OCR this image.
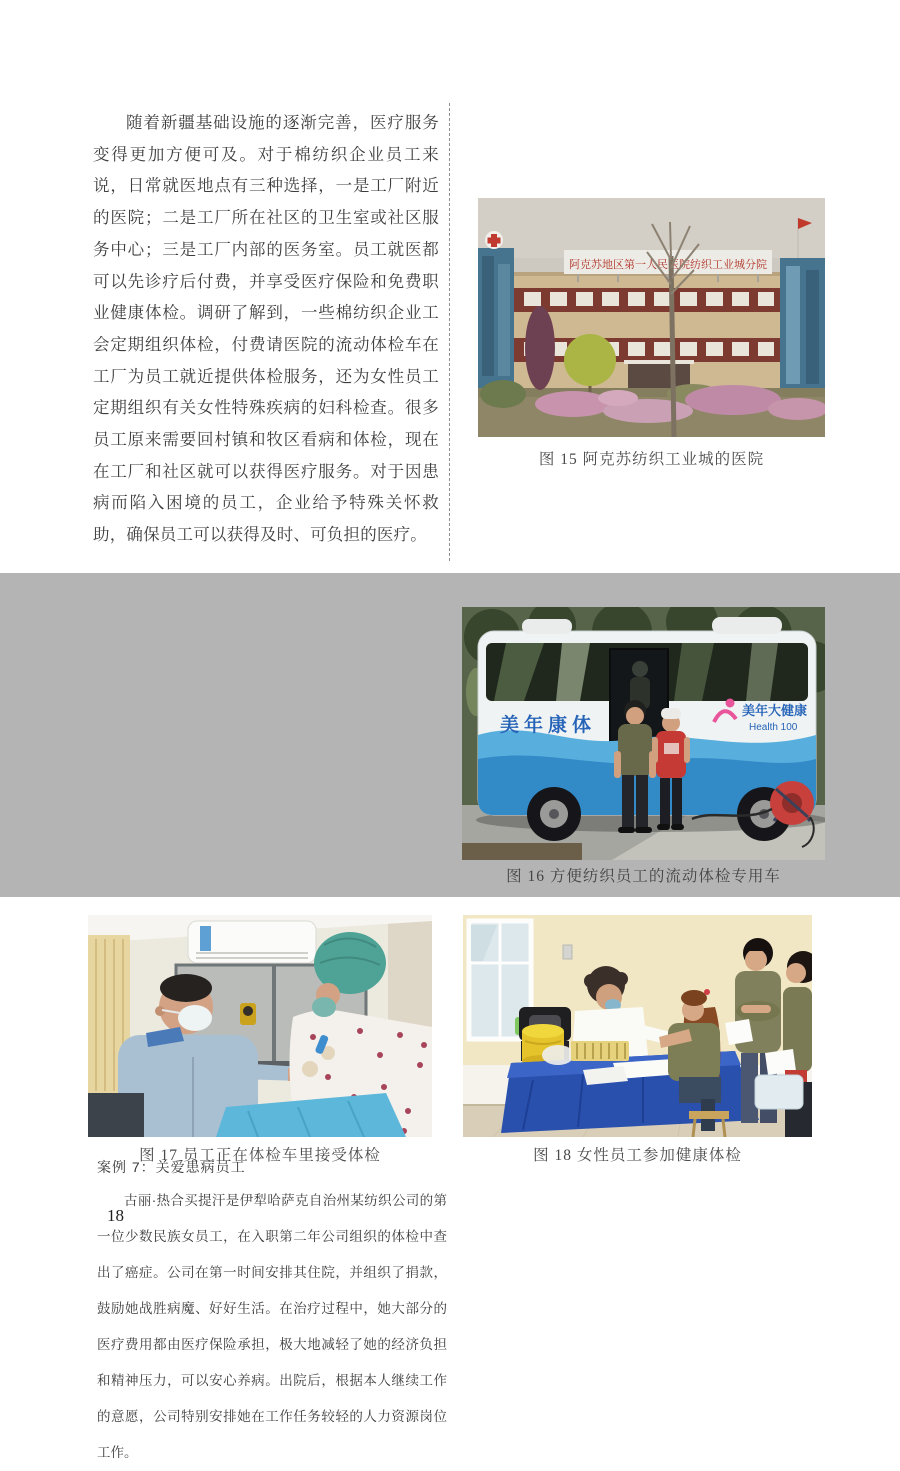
随着新疆基础设施的逐渐完善，医疗服务变得更加方便可及。对于棉纺织企业员工来说，日常就医地点有三种选择，一是工厂附近的医院；二是工厂所在社区的卫生室或社区服务中心；三是工厂内部的医务室。员工就医都可以先诊疗后付费，并享受医疗保险和免费职业健康体检。调研了解到，一些棉纺织企业工会定期组织体检，付费请医院的流动体检车在工厂为员工就近提供体检服务，还为女性员工定期组织有关女性特殊疾病的妇科检查。很多员工原来需要回村镇和牧区看病和体检，现在在工厂和社区就可以获得医疗服务。对于因患病而陷入困境的员工，企业给予特殊关怀救助，确保员工可以获得及时、可负担的医疗。
阿克苏地区第一人民医院纺织工业城分院
图 15 阿克苏纺织工业城的医院
案例 7：关爱患病员工
古丽·热合买提汗是伊犁哈萨克自治州某纺织公司的第一位少数民族女员工，在入职第二年公司组织的体检中查出了癌症。公司在第一时间安排其住院，并组织了捐款，鼓励她战胜病魔、好好生活。在治疗过程中，她大部分的医疗费用都由医疗保险承担，极大地减轻了她的经济负担和精神压力，可以安心养病。出院后，根据本人继续工作的意愿，公司特别安排她在工作任务较轻的人力资源岗位工作。
美年康体
美年大健康
Health 100
图 16 方便纺织员工的流动体检专用车
图 17 员工正在体检车里接受体检	图 18 女性员工参加健康体检
18
